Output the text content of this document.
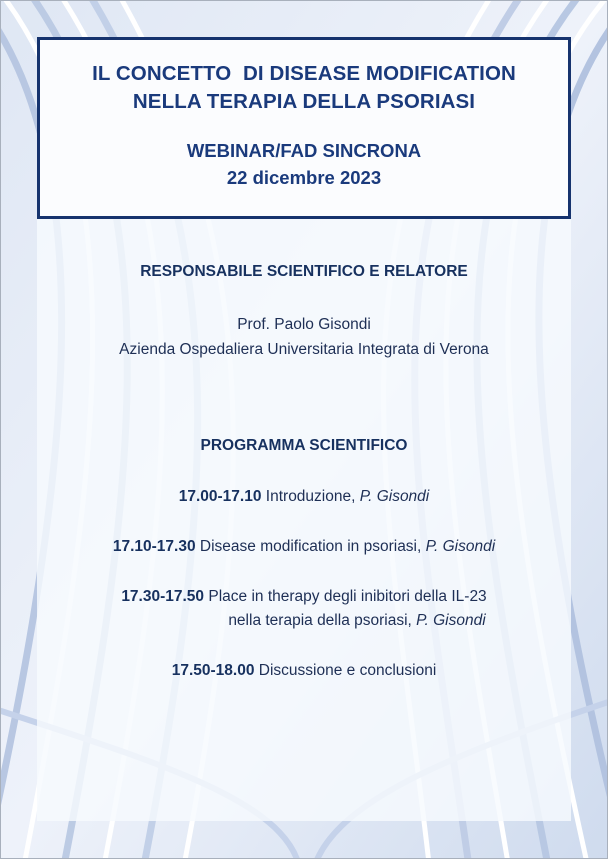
IL CONCETTO  DI DISEASE MODIFICATION
NELLA TERAPIA DELLA PSORIASI
WEBINAR/FAD SINCRONA
22 dicembre 2023
RESPONSABILE SCIENTIFICO E RELATORE
Prof. Paolo Gisondi
Azienda Ospedaliera Universitaria Integrata di Verona
PROGRAMMA SCIENTIFICO
17.00-17.10 Introduzione, P. Gisondi
17.10-17.30 Disease modification in psoriasi, P. Gisondi
17.30-17.50 Place in therapy degli inibitori della IL-23
nella terapia della psoriasi, P. Gisondi
17.50-18.00 Discussione e conclusioni
